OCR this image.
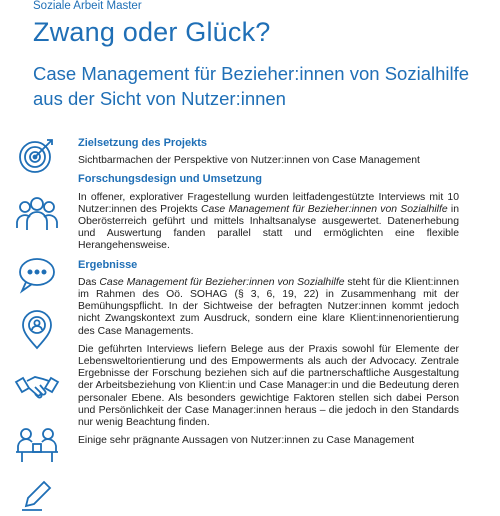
Soziale Arbeit Master
Zwang oder Glück?
Case Management für Bezieher:innen von Sozialhilfe aus der Sicht von Nutzer:innen
Zielsetzung des Projekts
Sichtbarmachen der Perspektive von Nutzer:innen von Case Management
Forschungsdesign und Umsetzung
In offener, explorativer Fragestellung wurden leitfadengestützte Interviews mit 10 Nutzer:innen des Projekts Case Management für Bezieher:innen von Sozialhilfe in Oberösterreich geführt und mittels Inhaltsanalyse ausgewertet. Datenerhebung und Auswertung fanden parallel statt und ermöglichten eine flexible Herangehensweise.
Ergebnisse
Das Case Management für Bezieher:innen von Sozialhilfe steht für die Klient:innen im Rahmen des Oö. SOHAG (§ 3, 6, 19, 22) in Zusammenhang mit der Bemühungspflicht. In der Sichtweise der befragten Nutzer:innen kommt jedoch nicht Zwangskontext zum Ausdruck, sondern eine klare Klient:innenorientierung des Case Managements.
Die geführten Interviews liefern Belege aus der Praxis sowohl für Elemente der Lebensweltorientierung und des Empowerments als auch der Advocacy. Zentrale Ergebnisse der Forschung beziehen sich auf die partnerschaftliche Ausgestaltung der Arbeitsbeziehung von Klient:in und Case Manager:in und die Bedeutung deren personaler Ebene. Als besonders gewichtige Faktoren stellen sich dabei Person und Persönlichkeit der Case Manager:innen heraus – die jedoch in den Standards nur wenig Beachtung finden.
Einige sehr prägnante Aussagen von Nutzer:innen zu Case Management
